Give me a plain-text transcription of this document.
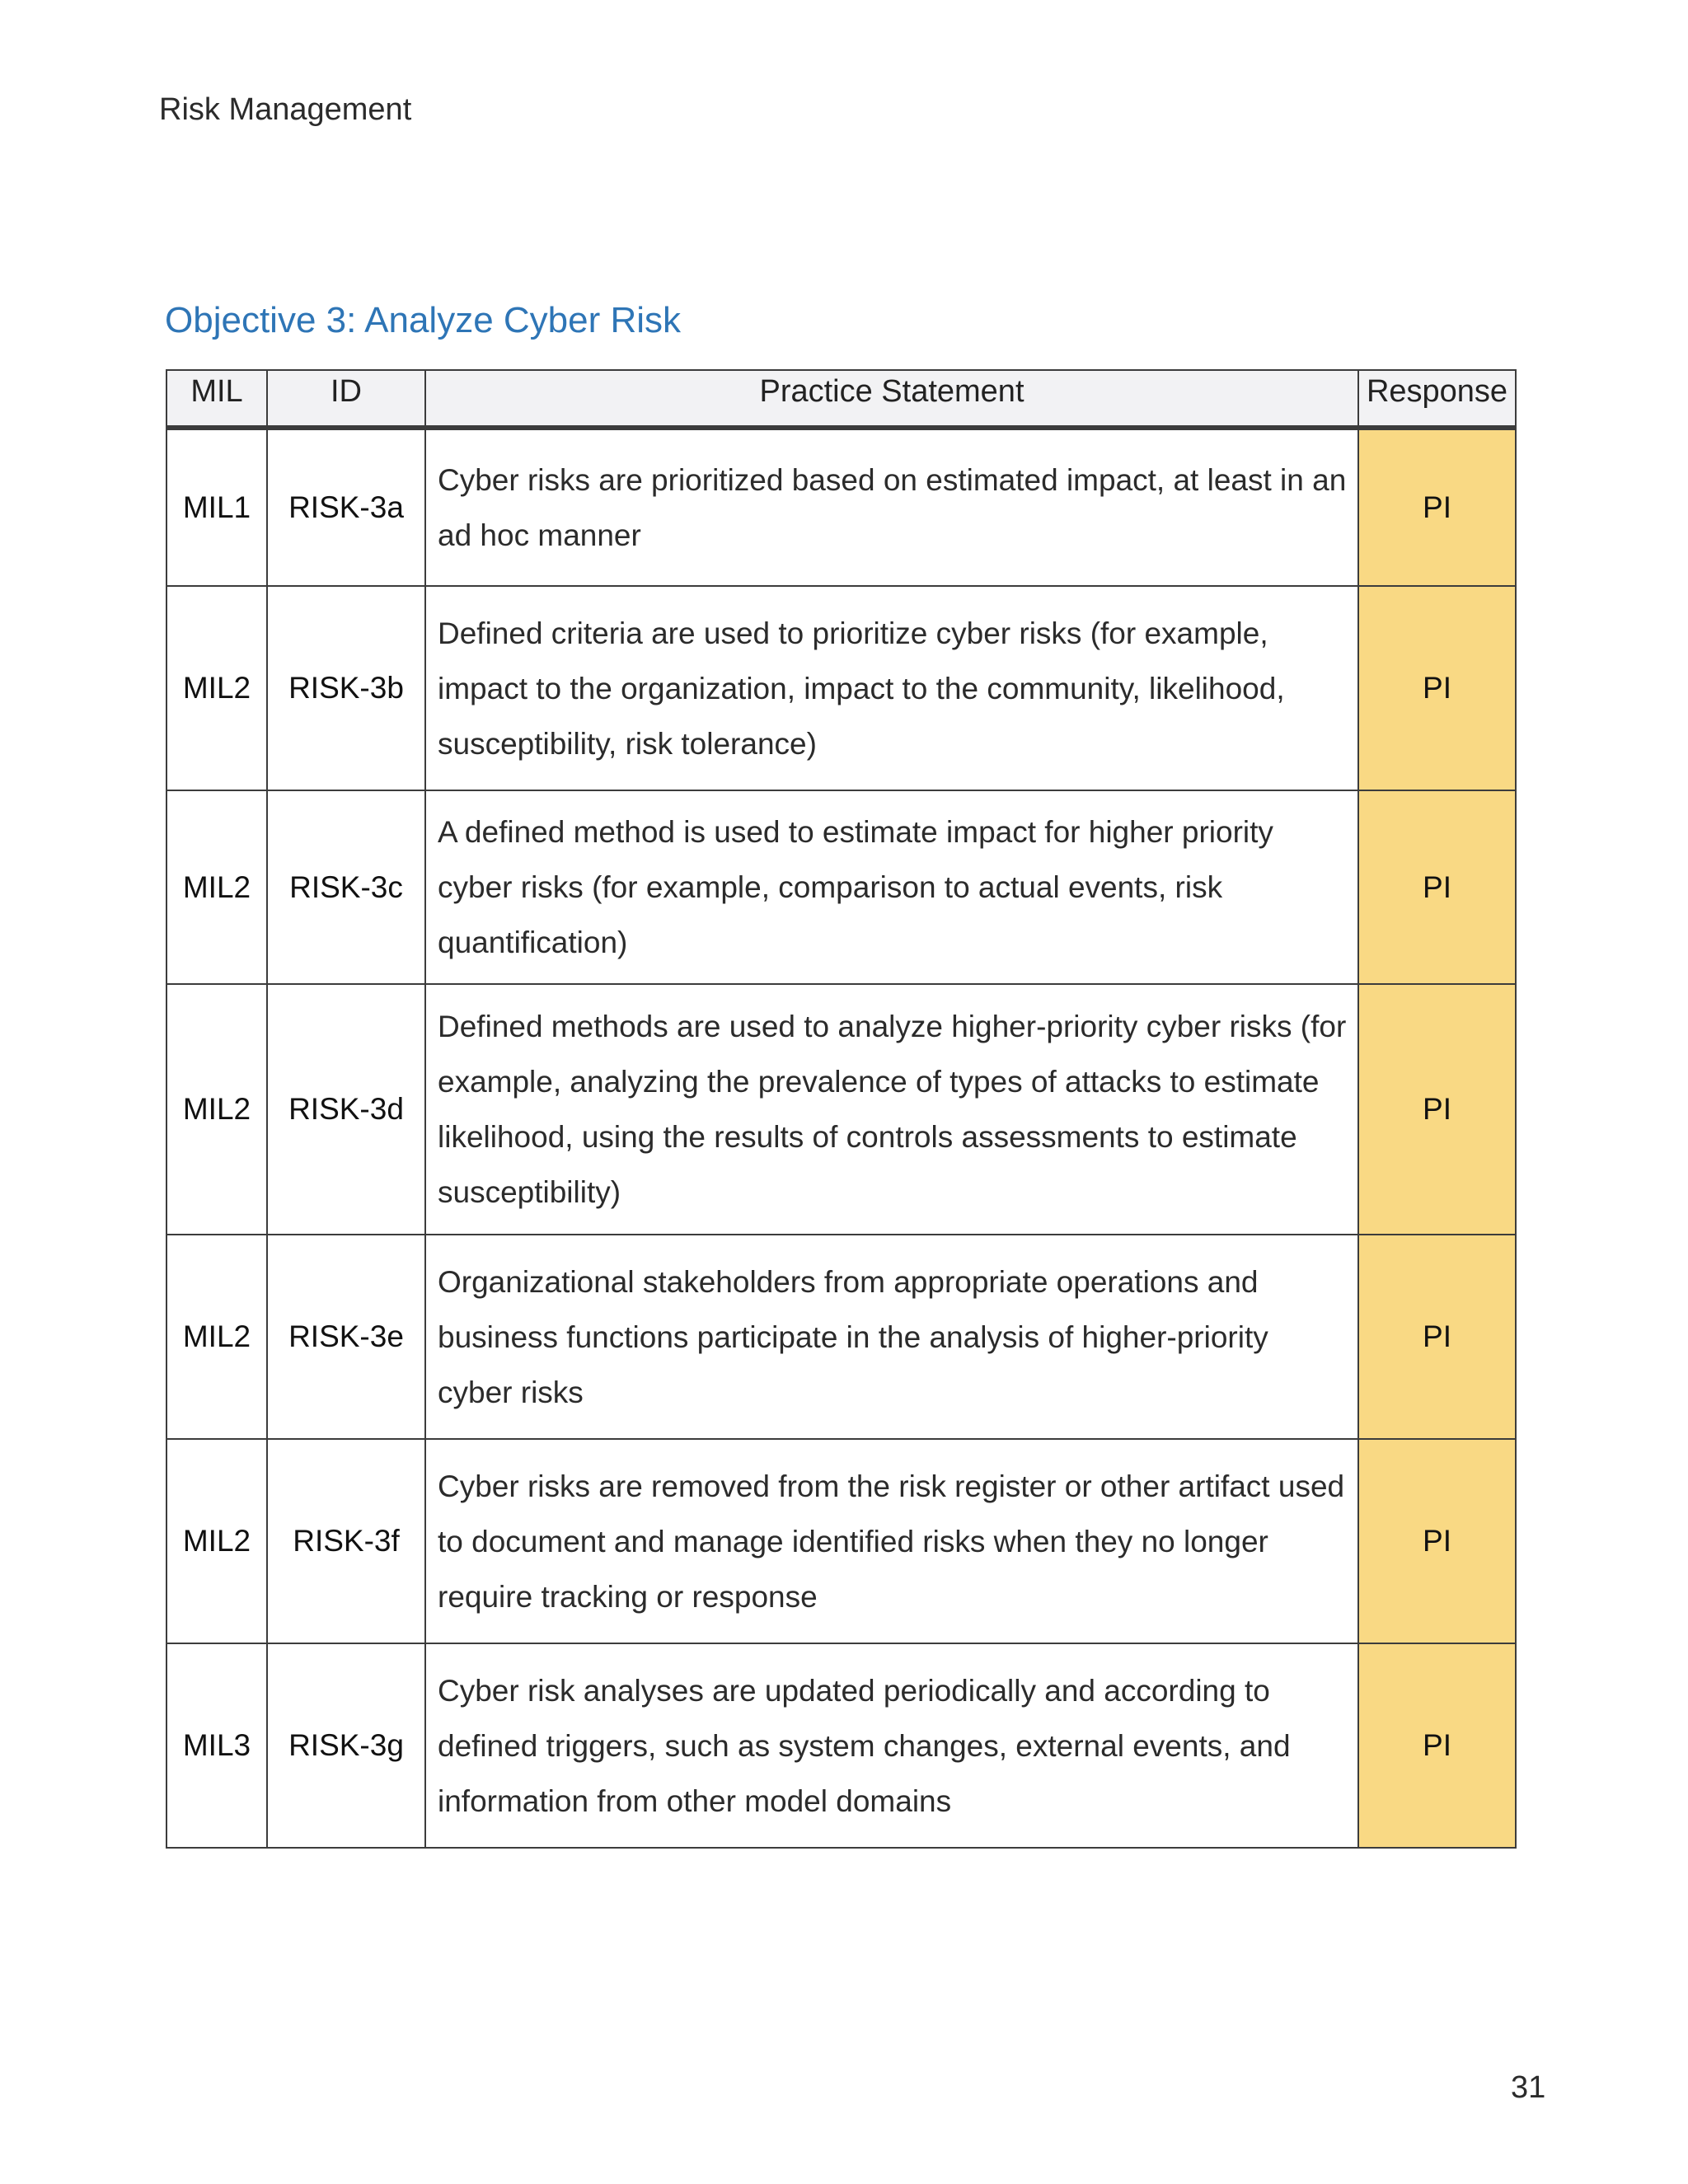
Risk Management
Objective 3: Analyze Cyber Risk
MIL	ID	Practice Statement	Response
MIL1	RISK-3a	Cyber risks are prioritized based on estimated impact, at least in an ad hoc manner	PI
MIL2	RISK-3b	Defined criteria are used to prioritize cyber risks (for example, impact to the organization, impact to the community, likelihood, susceptibility, risk tolerance)	PI
MIL2	RISK-3c	A defined method is used to estimate impact for higher priority cyber risks (for example, comparison to actual events, risk quantification)	PI
MIL2	RISK-3d	Defined methods are used to analyze higher-priority cyber risks (for example, analyzing the prevalence of types of attacks to estimate likelihood, using the results of controls assessments to estimate susceptibility)	PI
MIL2	RISK-3e	Organizational stakeholders from appropriate operations and business functions participate in the analysis of higher-priority cyber risks	PI
MIL2	RISK-3f	Cyber risks are removed from the risk register or other artifact used to document and manage identified risks when they no longer require tracking or response	PI
MIL3	RISK-3g	Cyber risk analyses are updated periodically and according to defined triggers, such as system changes, external events, and information from other model domains	PI
31
